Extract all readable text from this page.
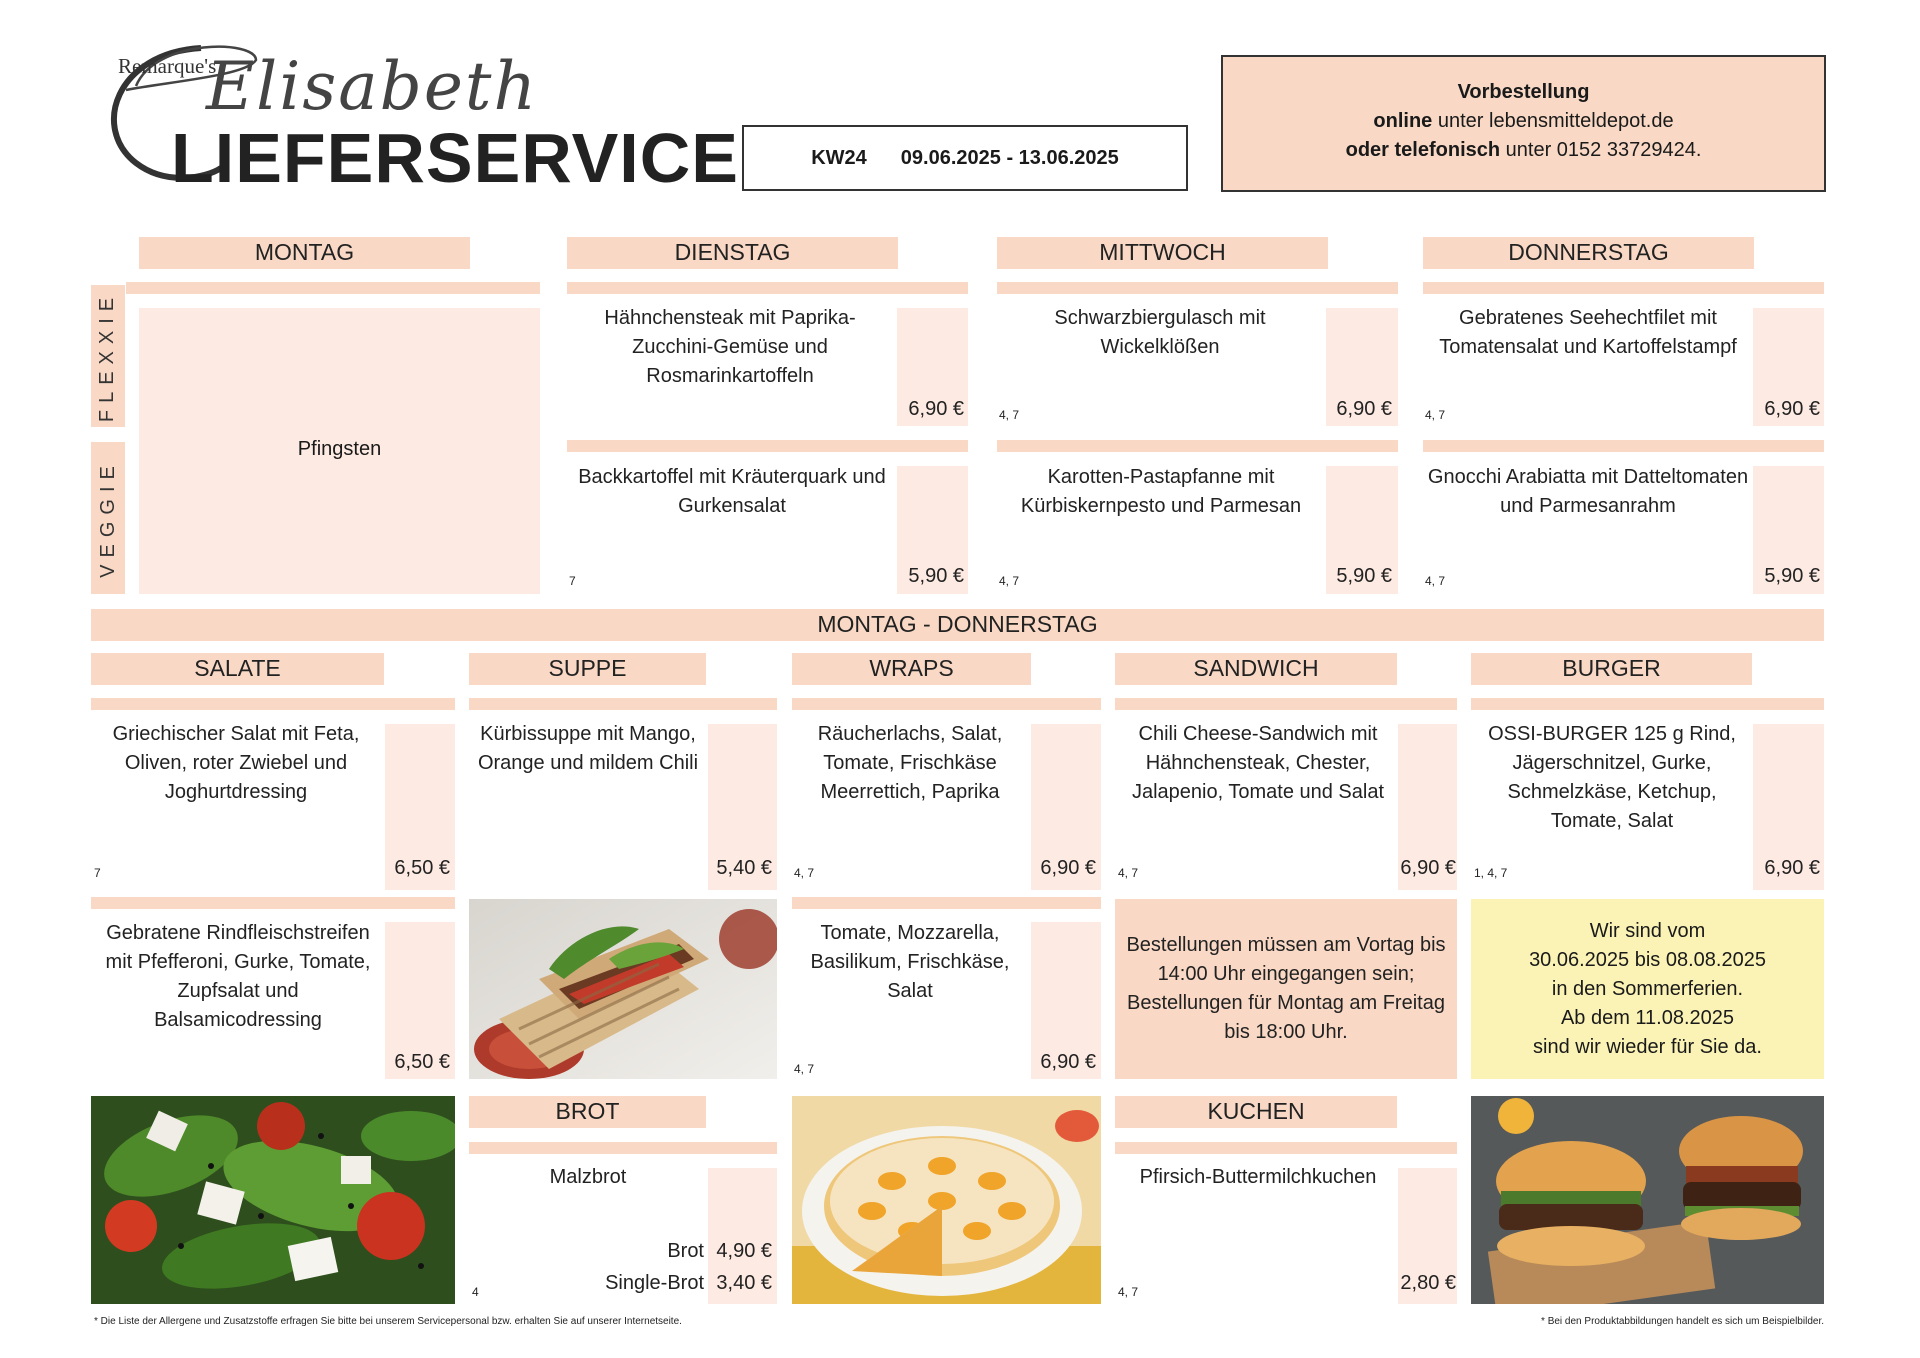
Remarque's
Elisabeth
LIEFERSERVICE	KW24 09.06.2025 - 13.06.2025
Vorbestellung
online unter lebensmitteldepot.de
oder telefonisch unter 0152 33729424.
MONTAG	DIENSTAG	MITTWOCH	DONNERSTAG
FLEXXIE
VEGGIE
Pfingsten
Hähnchensteak mit Paprika-Zucchini-Gemüse und Rosmarinkartoffeln
6,90 €
Schwarzbiergulasch mit Wickelklößen
6,90 €
4, 7
Gebratenes Seehechtfilet mit Tomatensalat und Kartoffelstampf
6,90 €
4, 7
Backkartoffel mit Kräuterquark und Gurkensalat
5,90 €
7
Karotten-Pastapfanne mit Kürbiskernpesto und Parmesan
5,90 €
4, 7
Gnocchi Arabiatta mit Datteltomaten und Parmesanrahm
5,90 €
4, 7
MONTAG - DONNERSTAG
SALATE	SUPPE	WRAPS	SANDWICH	BURGER
Griechischer Salat mit Feta, Oliven, roter Zwiebel und Joghurtdressing
6,50 €
7
Kürbissuppe mit Mango, Orange und mildem Chili
5,40 €
Räucherlachs, Salat, Tomate, Frischkäse Meerrettich, Paprika
6,90 €
4, 7
Chili Cheese-Sandwich mit Hähnchensteak, Chester, Jalapenio, Tomate und Salat
6,90 €
4, 7
OSSI-BURGER 125 g Rind, Jägerschnitzel, Gurke, Schmelzkäse, Ketchup, Tomate, Salat
6,90 €
1, 4, 7
Gebratene Rindfleischstreifen mit Pfefferoni, Gurke, Tomate, Zupfsalat und Balsamicodressing
6,50 €
Tomate, Mozzarella, Basilikum, Frischkäse, Salat
6,90 €
4, 7
Bestellungen müssen am Vortag bis 14:00 Uhr eingegangen sein; Bestellungen für Montag am Freitag bis 18:00 Uhr.
Wir sind vom
30.06.2025 bis 08.08.2025
in den Sommerferien.
Ab dem 11.08.2025
sind wir wieder für Sie da.
BROT
Malzbrot
Brot 4,90 €
Single-Brot 3,40 €
4
KUCHEN
Pfirsich-Buttermilchkuchen
2,80 €
4, 7
* Die Liste der Allergene und Zusatzstoffe erfragen Sie bitte bei unserem Servicepersonal bzw. erhalten Sie auf unserer Internetseite.	* Bei den Produktabbildungen handelt es sich um Beispielbilder.
